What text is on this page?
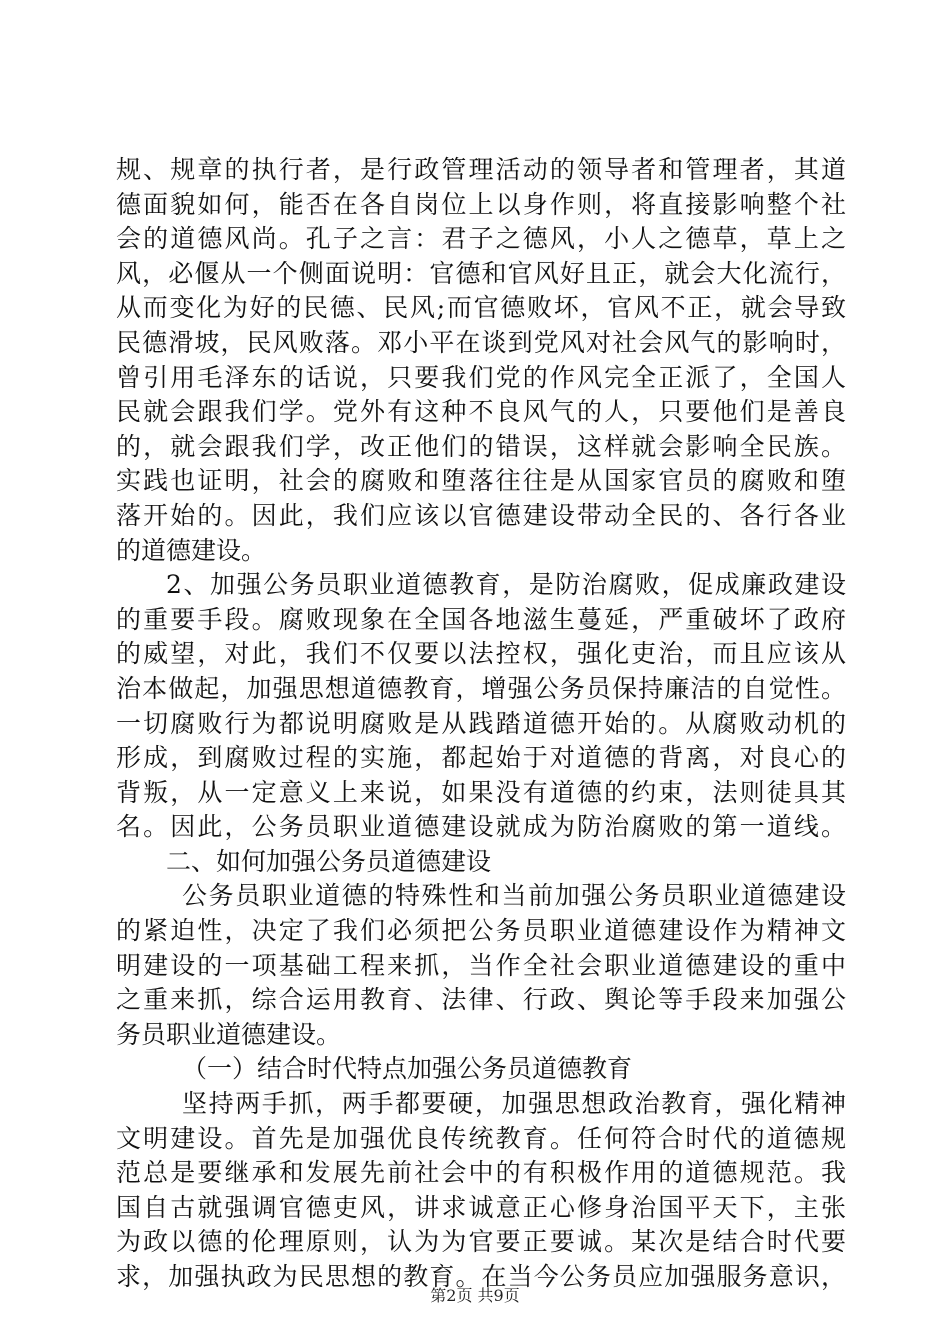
规、规章的执行者，是行政管理活动的领导者和管理者，其道
德面貌如何，能否在各自岗位上以身作则，将直接影响整个社
会的道德风尚。孔子之言：君子之德风，小人之德草，草上之
风，必偃从一个侧面说明：官德和官风好且正，就会大化流行，
从而变化为好的民德、民风;而官德败坏，官风不正，就会导致
民德滑坡，民风败落。邓小平在谈到党风对社会风气的影响时，
曾引用毛泽东的话说，只要我们党的作风完全正派了，全国人
民就会跟我们学。党外有这种不良风气的人，只要他们是善良
的，就会跟我们学，改正他们的错误，这样就会影响全民族。
实践也证明，社会的腐败和堕落往往是从国家官员的腐败和堕
落开始的。因此，我们应该以官德建设带动全民的、各行各业
的道德建设。
2、加强公务员职业道德教育，是防治腐败，促成廉政建设
的重要手段。腐败现象在全国各地滋生蔓延，严重破坏了政府
的威望，对此，我们不仅要以法控权，强化吏治，而且应该从
治本做起，加强思想道德教育，增强公务员保持廉洁的自觉性。
一切腐败行为都说明腐败是从践踏道德开始的。从腐败动机的
形成，到腐败过程的实施，都起始于对道德的背离，对良心的
背叛，从一定意义上来说，如果没有道德的约束，法则徒具其
名。因此，公务员职业道德建设就成为防治腐败的第一道线。
二、如何加强公务员道德建设
公务员职业道德的特殊性和当前加强公务员职业道德建设
的紧迫性，决定了我们必须把公务员职业道德建设作为精神文
明建设的一项基础工程来抓，当作全社会职业道德建设的重中
之重来抓，综合运用教育、法律、行政、舆论等手段来加强公
务员职业道德建设。
（一）结合时代特点加强公务员道德教育
坚持两手抓，两手都要硬，加强思想政治教育，强化精神
文明建设。首先是加强优良传统教育。任何符合时代的道德规
范总是要继承和发展先前社会中的有积极作用的道德规范。我
国自古就强调官德吏风，讲求诚意正心修身治国平天下，主张
为政以德的伦理原则，认为为官要正要诚。某次是结合时代要
求，加强执政为民思想的教育。在当今公务员应加强服务意识，
第2页 共9页
